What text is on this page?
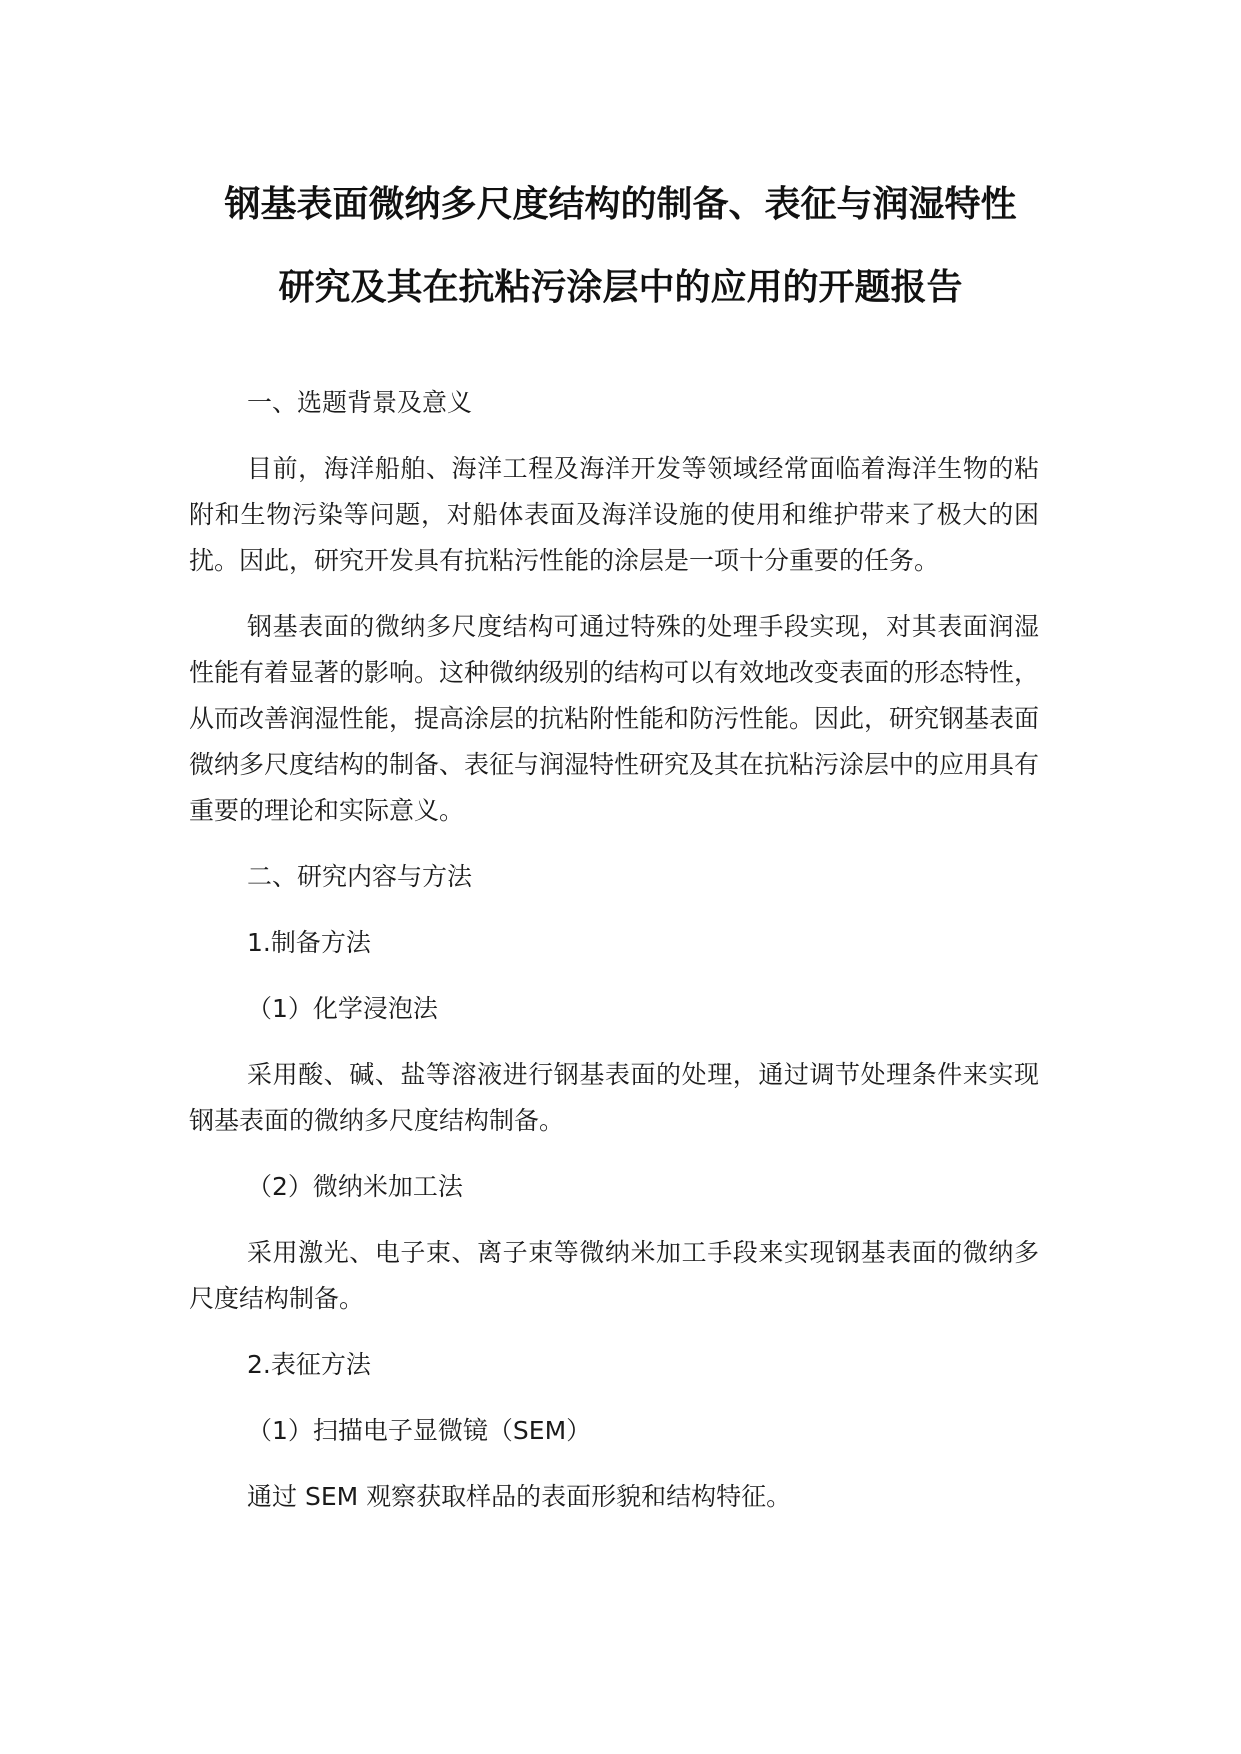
钢基表面微纳多尺度结构的制备、表征与润湿特性
研究及其在抗粘污涂层中的应用的开题报告

一、选题背景及意义

目前，海洋船舶、海洋工程及海洋开发等领域经常面临着海洋生物的粘附和生物污染等问题，对船体表面及海洋设施的使用和维护带来了极大的困扰。因此，研究开发具有抗粘污性能的涂层是一项十分重要的任务。

钢基表面的微纳多尺度结构可通过特殊的处理手段实现，对其表面润湿性能有着显著的影响。这种微纳级别的结构可以有效地改变表面的形态特性，从而改善润湿性能，提高涂层的抗粘附性能和防污性能。因此，研究钢基表面微纳多尺度结构的制备、表征与润湿特性研究及其在抗粘污涂层中的应用具有重要的理论和实际意义。

二、研究内容与方法

1.制备方法

（1）化学浸泡法

采用酸、碱、盐等溶液进行钢基表面的处理，通过调节处理条件来实现钢基表面的微纳多尺度结构制备。

（2）微纳米加工法

采用激光、电子束、离子束等微纳米加工手段来实现钢基表面的微纳多尺度结构制备。

2.表征方法

（1）扫描电子显微镜（SEM）

通过 SEM 观察获取样品的表面形貌和结构特征。
